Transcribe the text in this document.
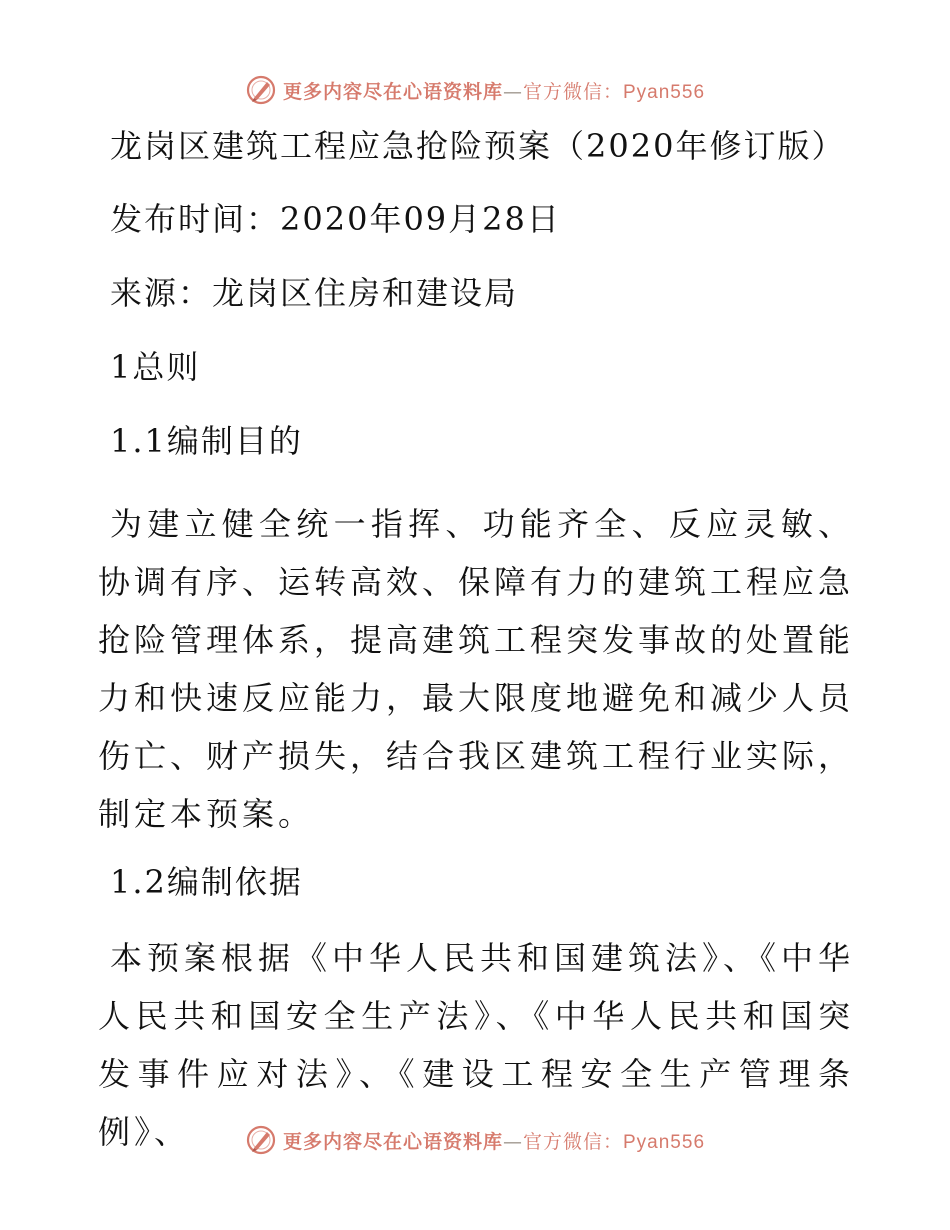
更多内容尽在心语资料库—官方微信：Pyan556
龙岗区建筑工程应急抢险预案（2020年修订版）
发布时间：2020年09月28日
来源：龙岗区住房和建设局
1总则
1.1编制目的
为建立健全统一指挥、功能齐全、反应灵敏、协调有序、运转高效、保障有力的建筑工程应急抢险管理体系，提高建筑工程突发事故的处置能力和快速反应能力，最大限度地避免和减少人员伤亡、财产损失，结合我区建筑工程行业实际，制定本预案。
1.2编制依据
本预案根据《中华人民共和国建筑法》、《中华人民共和国安全生产法》、《中华人民共和国突发事件应对法》、《建设工程安全生产管理条例》、	更多内容尽在心语资料库—官方微信：Pyan556
